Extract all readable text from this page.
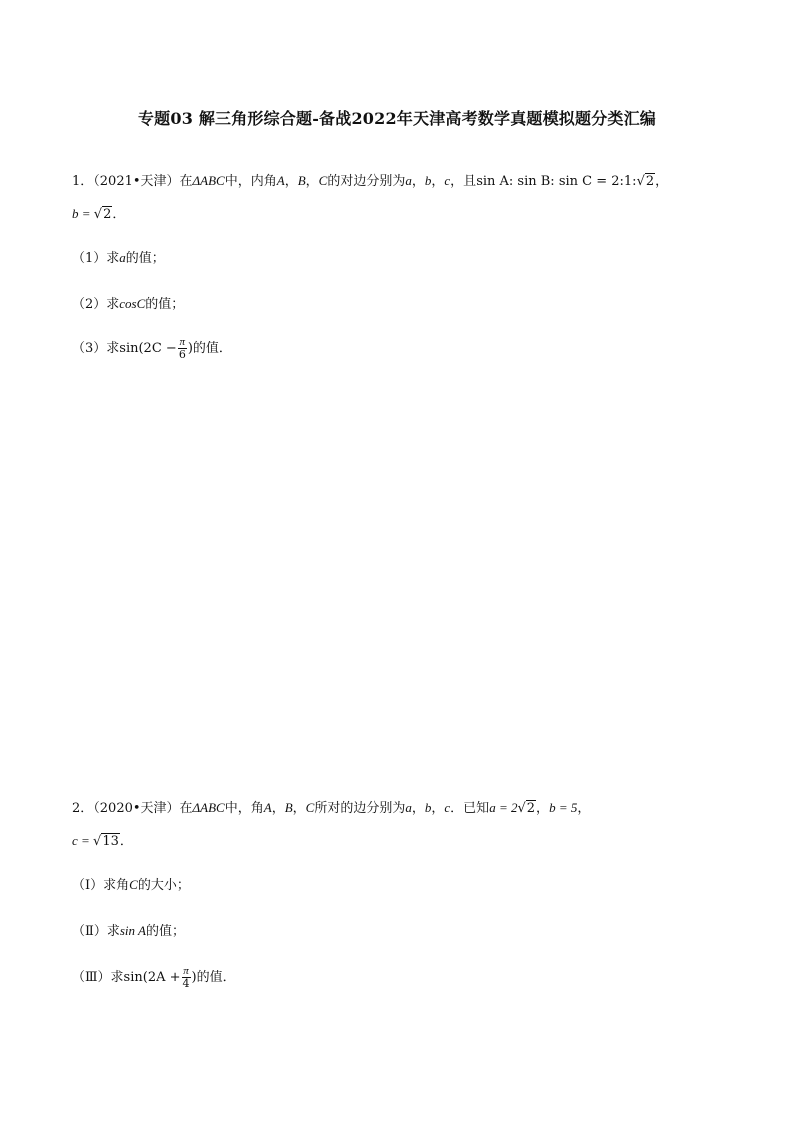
专题03 解三角形综合题-备战2022年天津高考数学真题模拟题分类汇编
1．（2021•天津）在ΔABC中，内角A，B，C的对边分别为a，b，c，且sin A: sin B: sin C = 2:1:√2，
b = √2．
（1）求a的值；
（2）求cosC的值；
（3）求$\sin(2C - \frac{\pi}{6}$ )的值．
2．（2020•天津）在ΔABC中，角A，B，C所对的边分别为a，b，c．已知a = 2√2，b = 5，
c = √13．
（Ⅰ）求角C的大小；
（Ⅱ）求sin A的值；
（Ⅲ）求$\sin(2A + \frac{\pi}{4}$ )的值．
